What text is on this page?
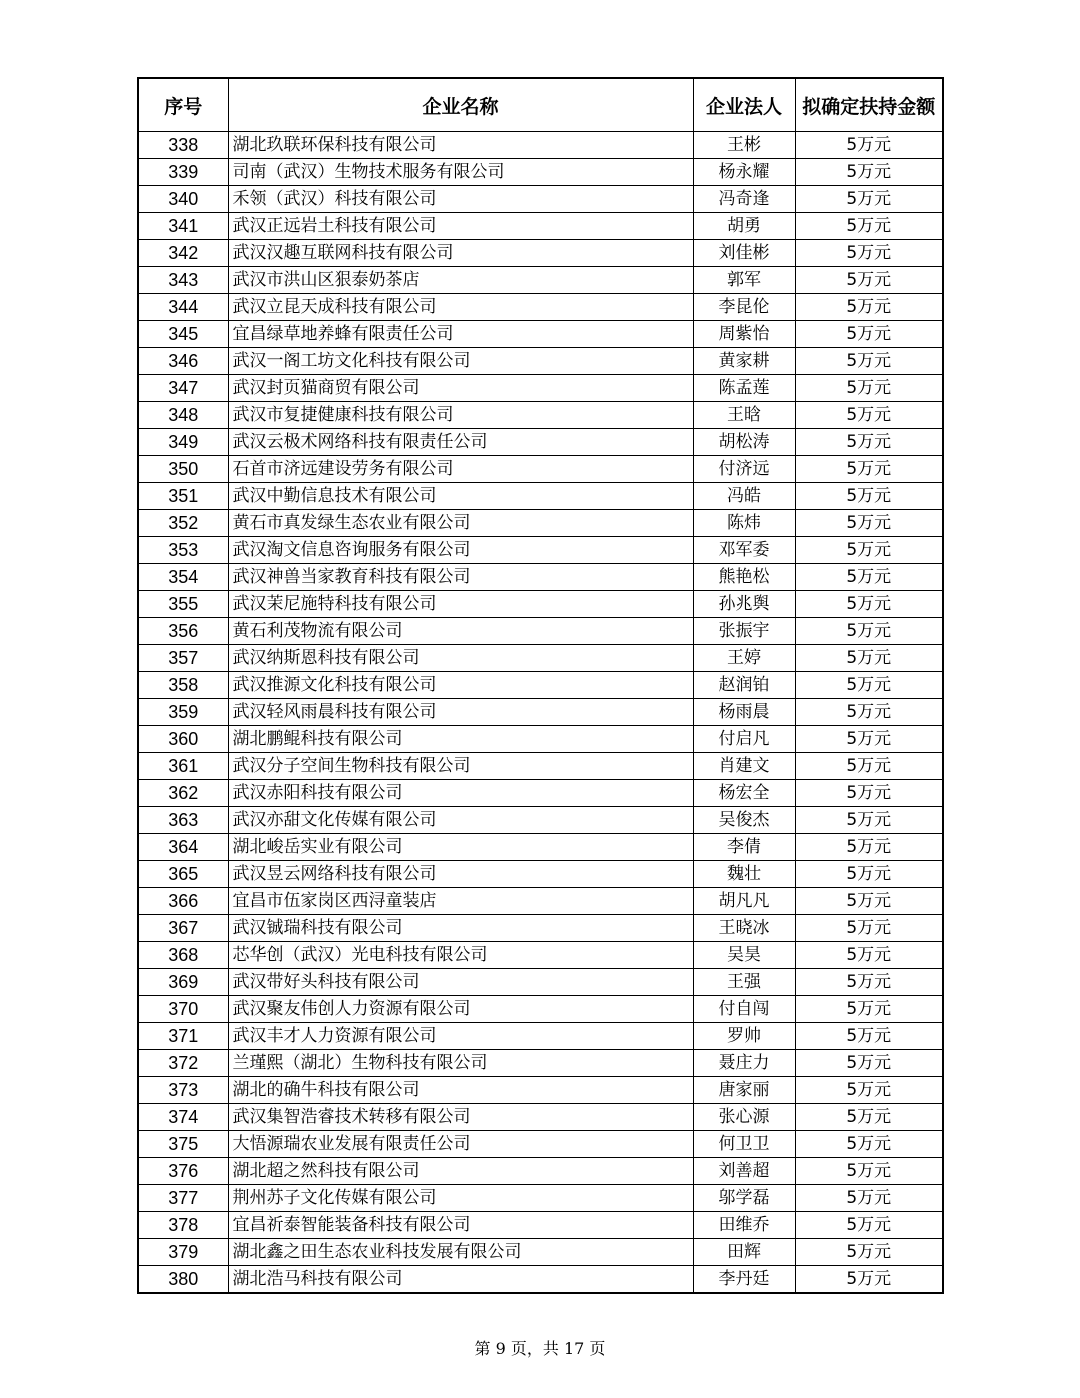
序号	企业名称	企业法人	拟确定扶持金额
338	湖北玖联环保科技有限公司	王彬	5万元
339	司南（武汉）生物技术服务有限公司	杨永耀	5万元
340	禾领（武汉）科技有限公司	冯奇逢	5万元
341	武汉正远岩土科技有限公司	胡勇	5万元
342	武汉汉趣互联网科技有限公司	刘佳彬	5万元
343	武汉市洪山区狠泰奶茶店	郭军	5万元
344	武汉立昆天成科技有限公司	李昆伦	5万元
345	宜昌绿草地养蜂有限责任公司	周紫怡	5万元
346	武汉一阁工坊文化科技有限公司	黄家耕	5万元
347	武汉封页猫商贸有限公司	陈孟莲	5万元
348	武汉市复捷健康科技有限公司	王晗	5万元
349	武汉云极术网络科技有限责任公司	胡松涛	5万元
350	石首市济远建设劳务有限公司	付济远	5万元
351	武汉中勤信息技术有限公司	冯皓	5万元
352	黄石市真发绿生态农业有限公司	陈炜	5万元
353	武汉淘文信息咨询服务有限公司	邓军委	5万元
354	武汉神兽当家教育科技有限公司	熊艳松	5万元
355	武汉茉尼施特科技有限公司	孙兆舆	5万元
356	黄石利茂物流有限公司	张振宇	5万元
357	武汉纳斯恩科技有限公司	王婷	5万元
358	武汉推源文化科技有限公司	赵润铂	5万元
359	武汉轻风雨晨科技有限公司	杨雨晨	5万元
360	湖北鹏鲲科技有限公司	付启凡	5万元
361	武汉分子空间生物科技有限公司	肖建文	5万元
362	武汉赤阳科技有限公司	杨宏全	5万元
363	武汉亦甜文化传媒有限公司	吴俊杰	5万元
364	湖北峻岳实业有限公司	李倩	5万元
365	武汉昱云网络科技有限公司	魏壮	5万元
366	宜昌市伍家岗区西浔童装店	胡凡凡	5万元
367	武汉铖瑞科技有限公司	王晓冰	5万元
368	芯华创（武汉）光电科技有限公司	吴昊	5万元
369	武汉带好头科技有限公司	王强	5万元
370	武汉聚友伟创人力资源有限公司	付自闯	5万元
371	武汉丰才人力资源有限公司	罗帅	5万元
372	兰瑾熙（湖北）生物科技有限公司	聂庄力	5万元
373	湖北的确牛科技有限公司	唐家丽	5万元
374	武汉集智浩睿技术转移有限公司	张心源	5万元
375	大悟源瑞农业发展有限责任公司	何卫卫	5万元
376	湖北超之然科技有限公司	刘善超	5万元
377	荆州苏子文化传媒有限公司	邬学磊	5万元
378	宜昌祈泰智能装备科技有限公司	田维乔	5万元
379	湖北鑫之田生态农业科技发展有限公司	田辉	5万元
380	湖北浩马科技有限公司	李丹廷	5万元
第 9 页，共 17 页
